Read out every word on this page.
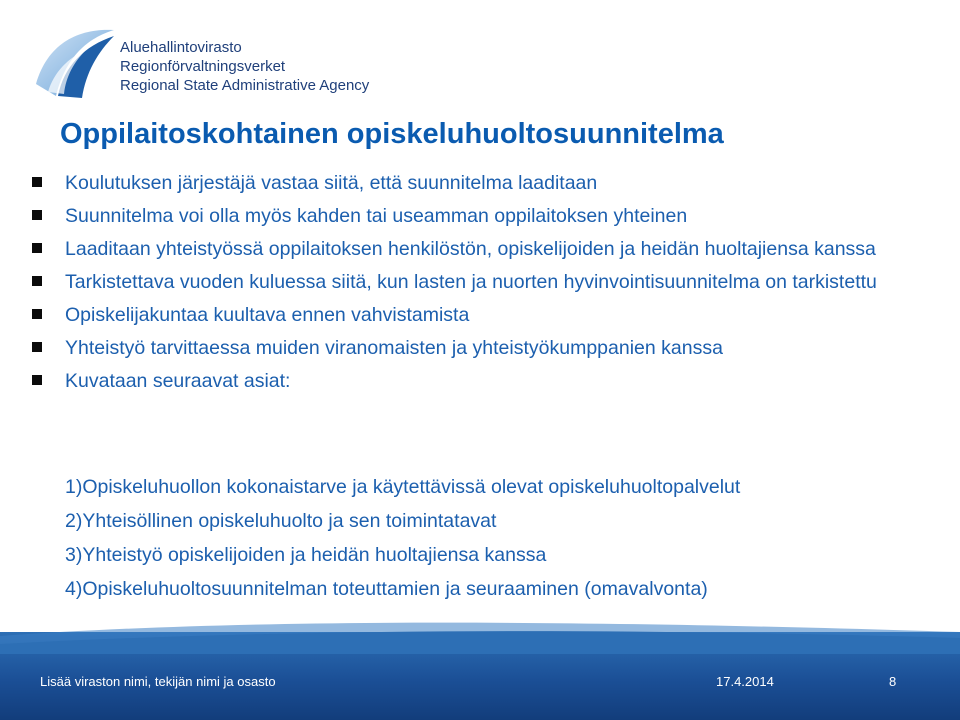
Aluehallintovirasto
Regionförvaltningsverket
Regional State Administrative Agency
Oppilaitoskohtainen opiskeluhuoltosuunnitelma
Koulutuksen järjestäjä vastaa siitä, että suunnitelma laaditaan
Suunnitelma voi olla myös kahden tai useamman oppilaitoksen yhteinen
Laaditaan yhteistyössä oppilaitoksen henkilöstön, opiskelijoiden ja heidän huoltajiensa kanssa
Tarkistettava vuoden kuluessa siitä, kun lasten ja nuorten hyvinvointisuunnitelma on tarkistettu
Opiskelijakuntaa kuultava ennen vahvistamista
Yhteistyö tarvittaessa muiden viranomaisten ja yhteistyökumppanien kanssa
Kuvataan seuraavat asiat:
1)Opiskeluhuollon kokonaistarve ja käytettävissä olevat opiskeluhuoltopalvelut
2)Yhteisöllinen opiskeluhuolto ja sen toimintatavat
3)Yhteistyö opiskelijoiden ja heidän huoltajiensa kanssa
4)Opiskeluhuoltosuunnitelman toteuttamien ja seuraaminen (omavalvonta)
Lisää viraston nimi, tekijän nimi ja osasto	17.4.2014	8
